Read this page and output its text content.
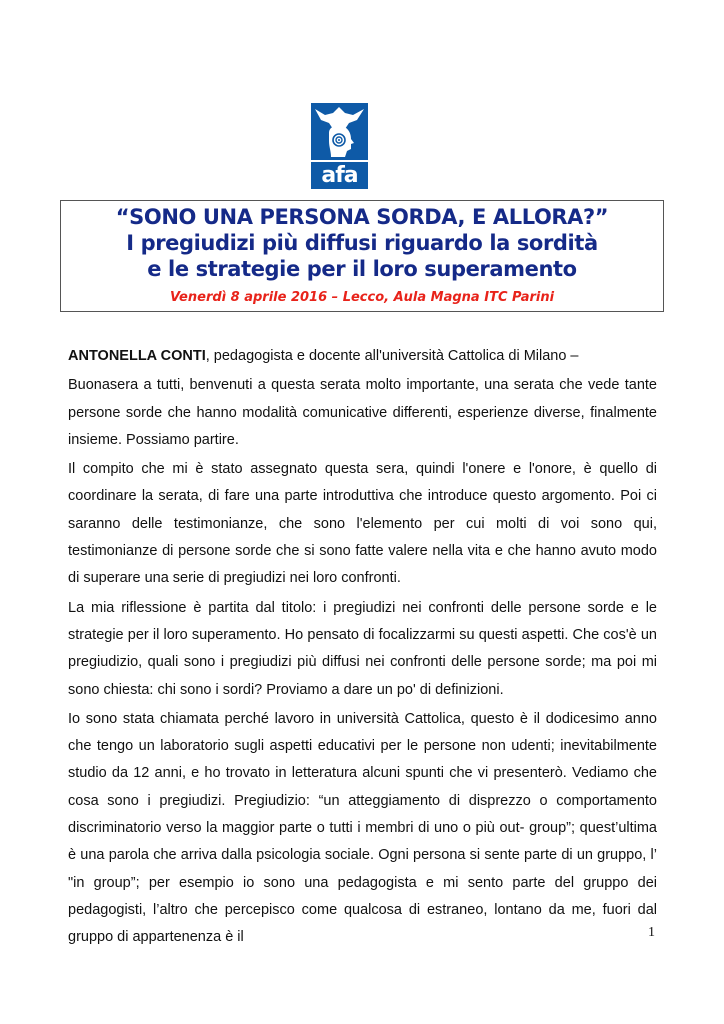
afa
“SONO UNA PERSONA SORDA, E ALLORA?”
I pregiudizi più diffusi riguardo la sordità
e le strategie per il loro superamento
Venerdì 8 aprile 2016 – Lecco, Aula Magna ITC Parini

ANTONELLA CONTI, pedagogista e docente all'università Cattolica di Milano –

Buonasera a tutti, benvenuti a questa serata molto importante, una serata che vede tante persone sorde che hanno modalità comunicative differenti, esperienze diverse, finalmente insieme. Possiamo partire.

Il compito che mi è stato assegnato questa sera, quindi l'onere e l'onore, è quello di coordinare la serata, di fare una parte introduttiva che introduce questo argomento. Poi ci saranno delle testimonianze, che sono l'elemento per cui molti di voi sono qui, testimonianze di persone sorde che si sono fatte valere nella vita e che hanno avuto modo di superare una serie di pregiudizi nei loro confronti.

La mia riflessione è partita dal titolo: i pregiudizi nei confronti delle persone sorde e le strategie per il loro superamento. Ho pensato di focalizzarmi su questi aspetti. Che cos'è un pregiudizio, quali sono i pregiudizi più diffusi nei confronti delle persone sorde; ma poi mi sono chiesta: chi sono i sordi? Proviamo a dare un po' di definizioni.

Io sono stata chiamata perché lavoro in università Cattolica, questo è il dodicesimo anno che tengo un laboratorio sugli aspetti educativi per le persone non udenti; inevitabilmente studio da 12 anni, e ho trovato in letteratura alcuni spunti che vi presenterò. Vediamo che cosa sono i pregiudizi. Pregiudizio: “un atteggiamento di disprezzo o comportamento discriminatorio verso la maggior parte o tutti i membri di uno o più out- group”; quest’ultima è una parola che arriva dalla psicologia sociale. Ogni persona si sente parte di un gruppo, l’ "in group”; per esempio io sono una pedagogista e mi sento parte del gruppo dei pedagogisti, l’altro che percepisco come qualcosa di estraneo, lontano da me, fuori dal gruppo di appartenenza è il	1
